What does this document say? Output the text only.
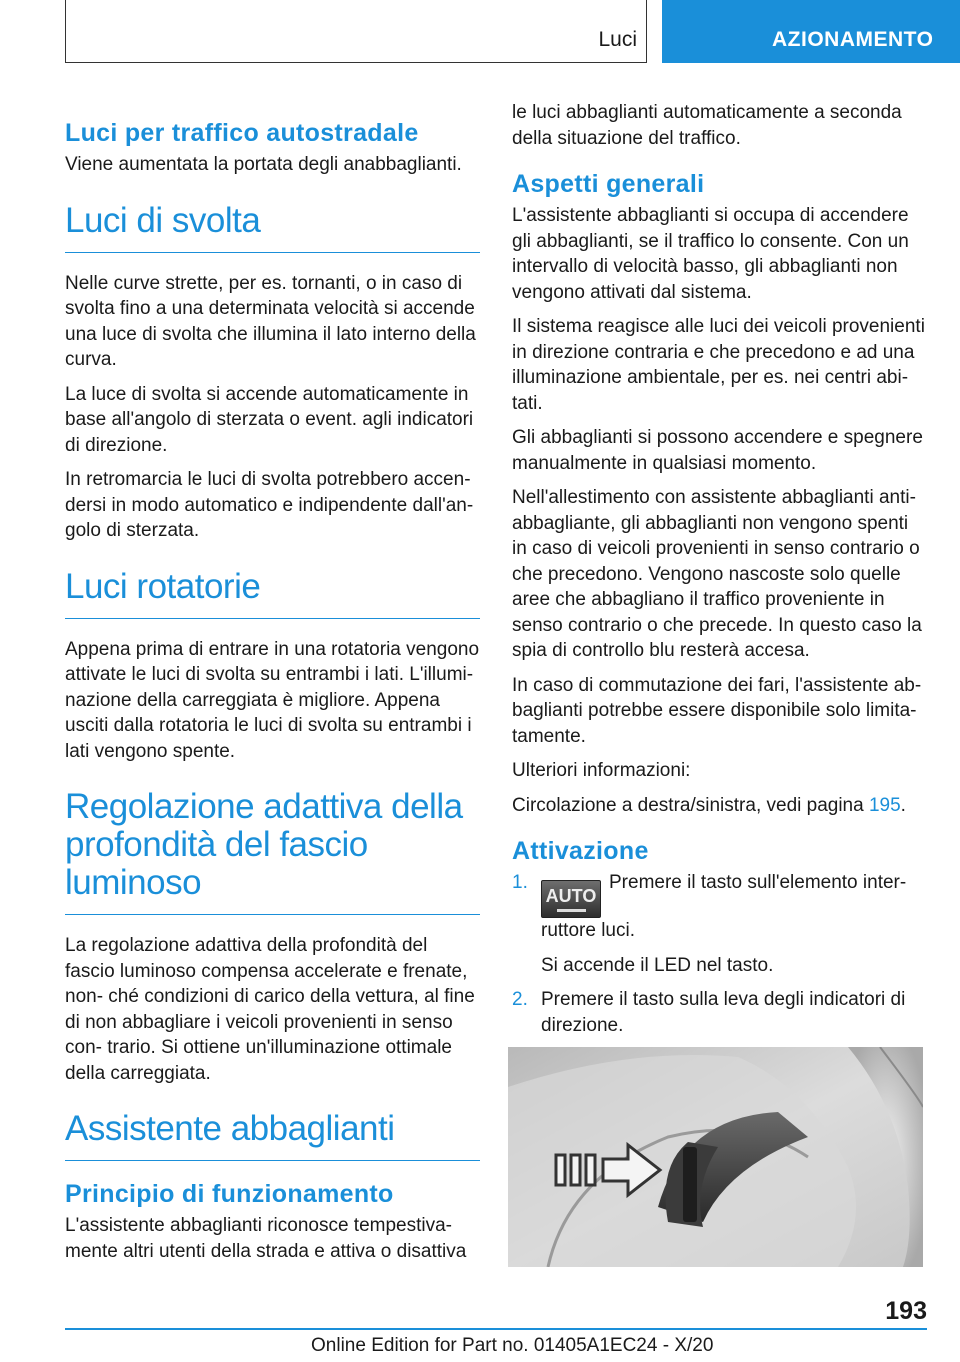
Luci	AZIONAMENTO
Luci per traffico autostradale

Viene aumentata la portata degli anabbaglianti.

Luci di svolta

Nelle curve strette, per es. tornanti, o in caso di svolta fino a una determinata velocità si accende una luce di svolta che illumina il lato interno della curva.

La luce di svolta si accende automaticamente in base all'angolo di sterzata o event. agli indicatori di direzione.

In retromarcia le luci di svolta potrebbero accen- dersi in modo automatico e indipendente dall'an- golo di sterzata.

Luci rotatorie

Appena prima di entrare in una rotatoria vengono attivate le luci di svolta su entrambi i lati. L'illumi- nazione della carreggiata è migliore. Appena usciti dalla rotatoria le luci di svolta su entrambi i lati vengono spente.

Regolazione adattiva della profondità del fascio luminoso

La regolazione adattiva della profondità del fascio luminoso compensa accelerate e frenate, non- ché condizioni di carico della vettura, al fine di non abbagliare i veicoli provenienti in senso con- trario. Si ottiene un'illuminazione ottimale della carreggiata.

Assistente abbaglianti
Principio di funzionamento

L'assistente abbaglianti riconosce tempestiva- mente altri utenti della strada e attiva o disattiva

le luci abbaglianti automaticamente a seconda della situazione del traffico.

Aspetti generali

L'assistente abbaglianti si occupa di accendere gli abbaglianti, se il traffico lo consente. Con un intervallo di velocità basso, gli abbaglianti non vengono attivati dal sistema.

Il sistema reagisce alle luci dei veicoli provenienti in direzione contraria e che precedono e ad una illuminazione ambientale, per es. nei centri abi- tati.

Gli abbaglianti si possono accendere e spegnere manualmente in qualsiasi momento.

Nell'allestimento con assistente abbaglianti anti- abbagliante, gli abbaglianti non vengono spenti in caso di veicoli provenienti in senso contrario o che precedono. Vengono nascoste solo quelle aree che abbagliano il traffico proveniente in senso contrario o che precede. In questo caso la spia di controllo blu resterà accesa.

In caso di commutazione dei fari, l'assistente ab- baglianti potrebbe essere disponibile solo limita- tamente.

Ulteriori informazioni:

Circolazione a destra/sinistra, vedi pagina 195.

Attivazione
1.

AUTO
Premere il tasto sull'elemento inter- ruttore luci.

Si accende il LED nel tasto.

2. Premere il tasto sulla leva degli indicatori di direzione.

193
Online Edition for Part no. 01405A1EC24 - X/20
